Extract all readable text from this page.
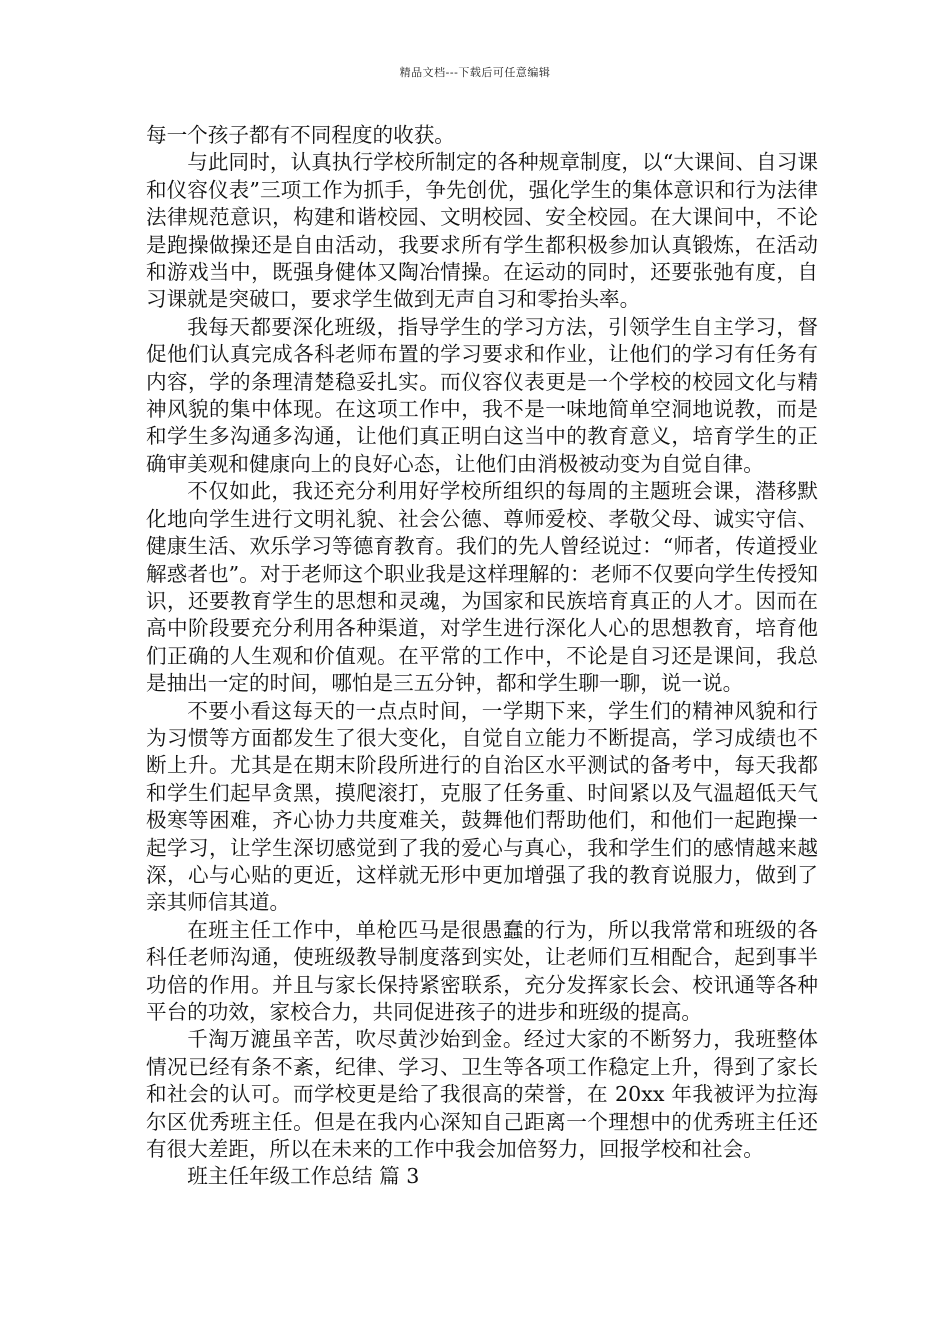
精品文档---下载后可任意编辑

每一个孩子都有不同程度的收获。

与此同时，认真执行学校所制定的各种规章制度，以“大课间、自习课和仪容仪表”三项工作为抓手，争先创优，强化学生的集体意识和行为法律法律规范意识，构建和谐校园、文明校园、安全校园。在大课间中，不论是跑操做操还是自由活动，我要求所有学生都积极参加认真锻炼，在活动和游戏当中，既强身健体又陶冶情操。在运动的同时，还要张弛有度，自习课就是突破口，要求学生做到无声自习和零抬头率。

我每天都要深化班级，指导学生的学习方法，引领学生自主学习，督促他们认真完成各科老师布置的学习要求和作业，让他们的学习有任务有内容，学的条理清楚稳妥扎实。而仪容仪表更是一个学校的校园文化与精神风貌的集中体现。在这项工作中，我不是一味地简单空洞地说教，而是和学生多沟通多沟通，让他们真正明白这当中的教育意义，培育学生的正确审美观和健康向上的良好心态，让他们由消极被动变为自觉自律。

不仅如此，我还充分利用好学校所组织的每周的主题班会课，潜移默化地向学生进行文明礼貌、社会公德、尊师爱校、孝敬父母、诚实守信、健康生活、欢乐学习等德育教育。我们的先人曾经说过：“师者，传道授业解惑者也”。对于老师这个职业我是这样理解的：老师不仅要向学生传授知识，还要教育学生的思想和灵魂，为国家和民族培育真正的人才。因而在高中阶段要充分利用各种渠道，对学生进行深化人心的思想教育，培育他们正确的人生观和价值观。在平常的工作中，不论是自习还是课间，我总是抽出一定的时间，哪怕是三五分钟，都和学生聊一聊，说一说。

不要小看这每天的一点点时间，一学期下来，学生们的精神风貌和行为习惯等方面都发生了很大变化，自觉自立能力不断提高，学习成绩也不断上升。尤其是在期末阶段所进行的自治区水平测试的备考中，每天我都和学生们起早贪黑，摸爬滚打，克服了任务重、时间紧以及气温超低天气极寒等困难，齐心协力共度难关，鼓舞他们帮助他们，和他们一起跑操一起学习，让学生深切感觉到了我的爱心与真心，我和学生们的感情越来越深，心与心贴的更近，这样就无形中更加增强了我的教育说服力，做到了亲其师信其道。

在班主任工作中，单枪匹马是很愚蠢的行为，所以我常常和班级的各科任老师沟通，使班级教导制度落到实处，让老师们互相配合，起到事半功倍的作用。并且与家长保持紧密联系，充分发挥家长会、校讯通等各种平台的功效，家校合力，共同促进孩子的进步和班级的提高。

千淘万漉虽辛苦，吹尽黄沙始到金。经过大家的不断努力，我班整体情况已经有条不紊，纪律、学习、卫生等各项工作稳定上升，得到了家长和社会的认可。而学校更是给了我很高的荣誉，在 20xx 年我被评为拉海尔区优秀班主任。但是在我内心深知自己距离一个理想中的优秀班主任还有很大差距，所以在未来的工作中我会加倍努力，回报学校和社会。

班主任年级工作总结 篇 3
